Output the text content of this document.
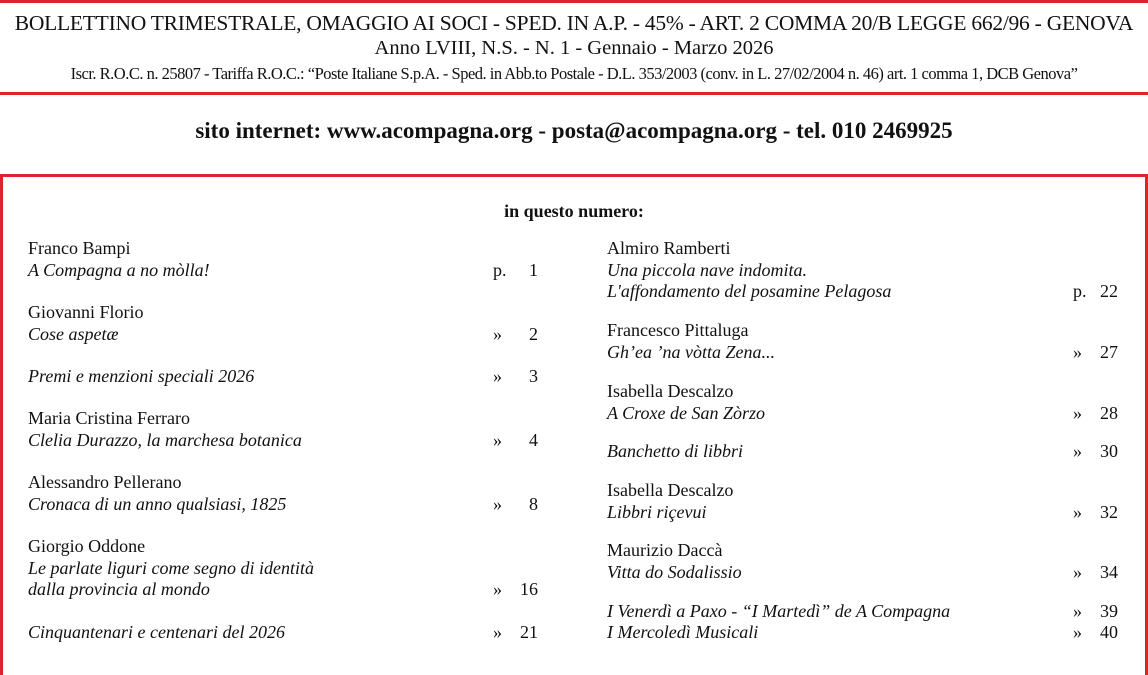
BOLLETTINO TRIMESTRALE, OMAGGIO AI SOCI - SPED. IN A.P. - 45% - ART. 2 COMMA 20/B LEGGE 662/96 - GENOVA
Anno LVIII, N.S. - N. 1 - Gennaio - Marzo 2026
Iscr. R.O.C. n. 25807 - Tariffa R.O.C.: “Poste Italiane S.p.A. - Sped. in Abb.to Postale - D.L. 353/2003 (conv. in L. 27/02/2004 n. 46) art. 1 comma 1, DCB Genova”
sito internet: www.acompagna.org - posta@acompagna.org - tel. 010 2469925
in questo numero:
Franco Bampi
A Compagna a no mòlla!	p. 1
Giovanni Florio
Cose aspetæ	» 2
Premi e menzioni speciali 2026	» 3
Maria Cristina Ferraro
Clelia Durazzo, la marchesa botanica	» 4
Alessandro Pellerano
Cronaca di un anno qualsiasi, 1825	» 8
Giorgio Oddone
Le parlate liguri come segno di identità
dalla provincia al mondo	» 16
Cinquantenari e centenari del 2026	» 21
Almiro Ramberti
Una piccola nave indomita.
L'affondamento del posamine Pelagosa	p. 22
Francesco Pittaluga
Gh’ea ’na vòtta Zena...	» 27
Isabella Descalzo
A Croxe de San Zòrzo	» 28
Banchetto di libbri	» 30
Isabella Descalzo
Libbri riçevui	» 32
Maurizio Daccà
Vitta do Sodalissio	» 34
I Venerdì a Paxo - “I Martedì” de A Compagna	» 39
I Mercoledì Musicali	» 40
